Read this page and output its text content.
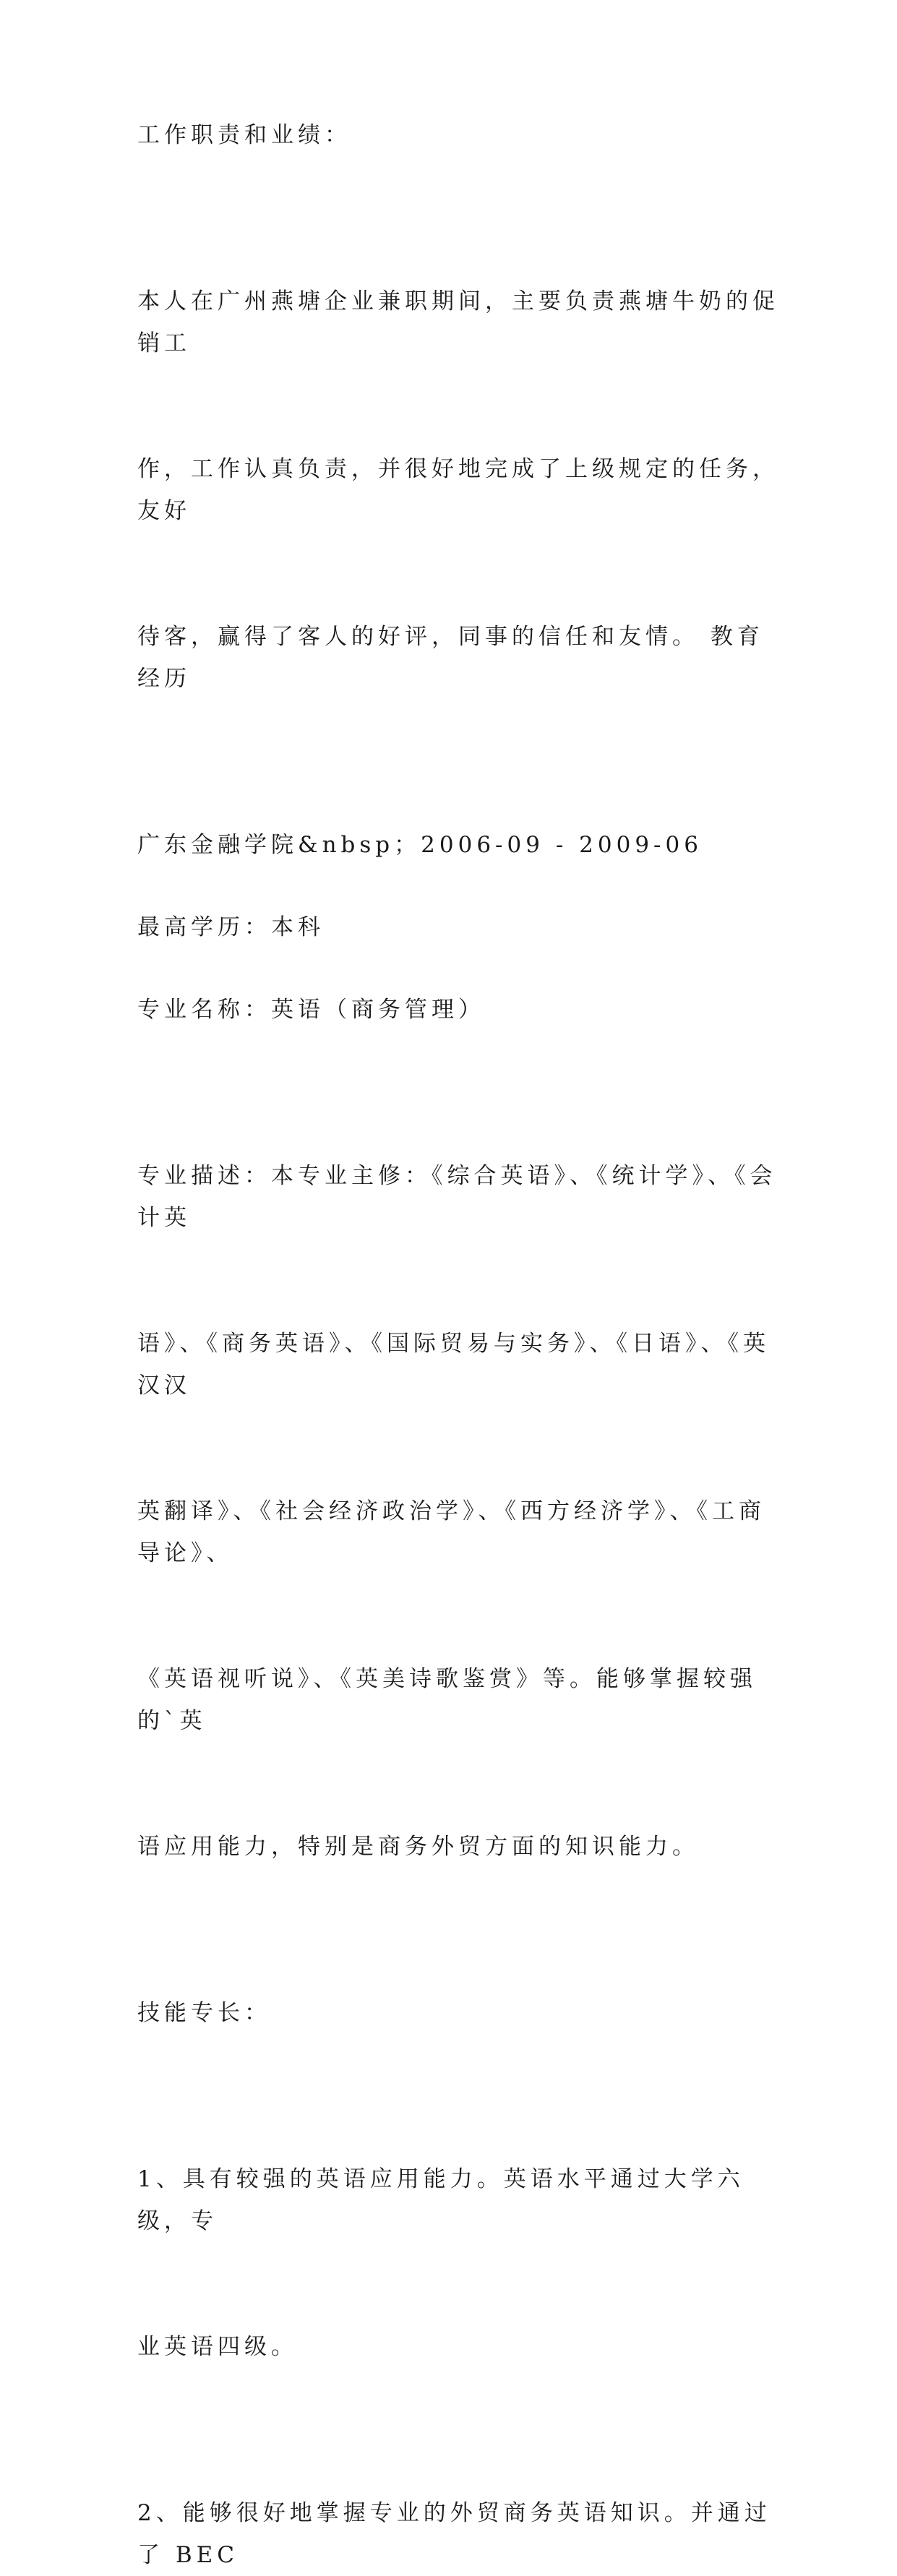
工作职责和业绩：

本人在广州燕塘企业兼职期间，主要负责燕塘牛奶的促销工

作，工作认真负责，并很好地完成了上级规定的任务，友好

待客，赢得了客人的好评，同事的信任和友情。 教育经历

广东金融学院&nbsp；2006-09 - 2009-06

最高学历：本科

专业名称：英语（商务管理）

专业描述：本专业主修：《综合英语》、《统计学》、《会计英

语》、《商务英语》、《国际贸易与实务》、《日语》、《英汉汉

英翻译》、《社会经济政治学》、《西方经济学》、《工商导论》、

《英语视听说》、《英美诗歌鉴赏》等。能够掌握较强的`英

语应用能力，特别是商务外贸方面的知识能力。

技能专长：

1、具有较强的英语应用能力。英语水平通过大学六级，专

业英语四级。

2、能够很好地掌握专业的外贸商务英语知识。并通过了 BEC
